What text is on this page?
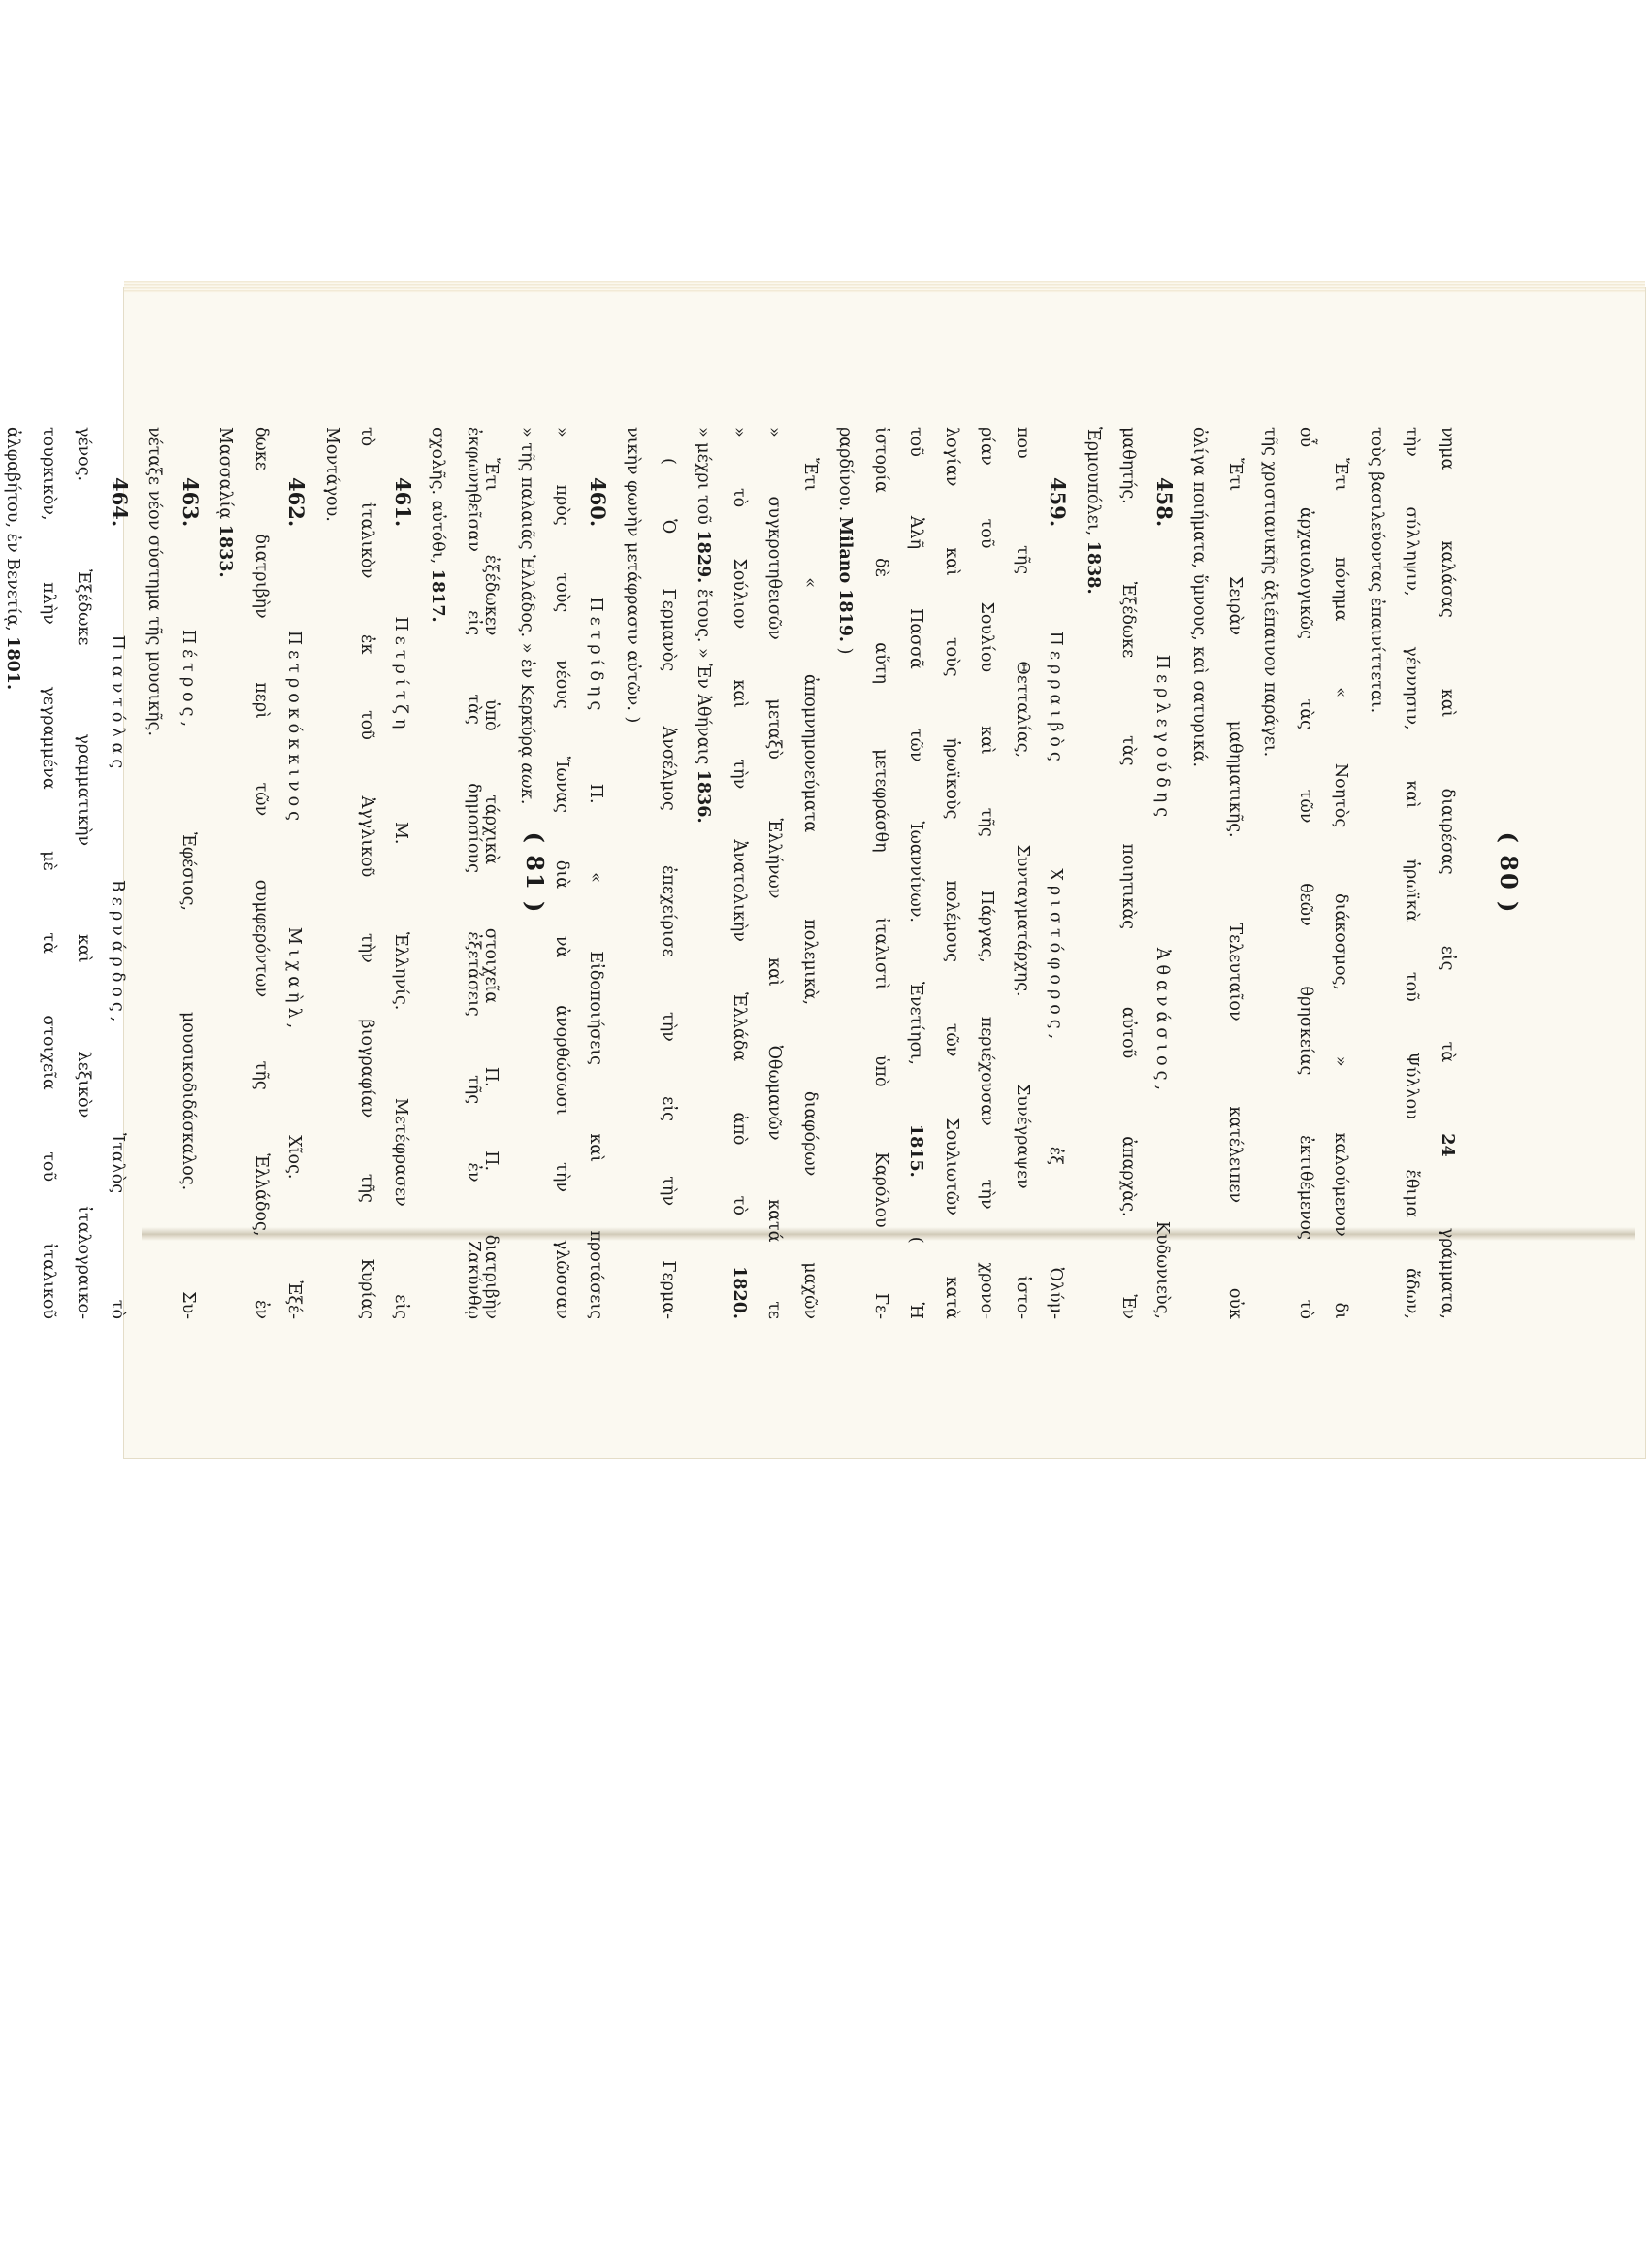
( 80 )
νημα καλάσας καὶ διαιρέσας εἰς τὰ 24 γράμματα,
τὴν σύλληψιν, γέννησιν, καὶ ἡρωϊκὰ τοῦ Ψύλλου ἔθιμα ἄδων,
τοὺς βασιλεύοντας ἐπαινίττεται.
Ἔτι πόνημα « Νοητὸς διάκοσμος, » καλούμενον δι
οὗ ἀρχαιολογικῶς τὰς τῶν θεῶν θρησκείας ἐκτιθέμενος τὸ
τῆς χριστιανικῆς ἀξιέπαινον παράγει.
Ἔτι Σειρὰν μαθηματικῆς. Τελευταῖον κατέλειπεν οὐκ
ὀλίγα ποιήματα, ὕμνους, καὶ σατυρικά.
458.Περλεγούδης Ἀθανάσιος, Κυδωνιεὺς,
μαθητής. Ἐξέδωκε τὰς ποιητικὰς αὐτοῦ ἀπαρχὰς. Ἐν
Ἑρμουπόλει, 1838.
459.Περραιβὸς Χριστόφορος, ἐξ Ὀλύμ-
που τῆς Θετταλίας, Συνταγματάρχης. Συνέγραψεν ἱστο-
ρίαν τοῦ Σουλίου καὶ τῆς Πάργας, περιέχουσαν τὴν χρονο-
λογίαν καὶ τοὺς ἡρωϊκοὺς πολέμους τῶν Σουλιωτῶν κατὰ
τοῦ Ἀλῆ Πασσᾶ τῶν Ἰωαννίνων. Ἐνετίησι, 1815. ( Ἡ
ἱστορία δὲ αὕτη μετεφράσθη ἰταλιστὶ ὑπὸ Καρόλου Γε-
ραρδίνου. Milano 1819. )
Ἔτι « ἀπομνημονεύματα πολεμικὰ, διαφόρων μαχῶν
» συγκροτηθεισῶν μεταξὺ Ἑλλήνων καὶ Ὀθωμανῶν κατά τε
» τὸ Σούλιον καὶ τὴν Ἀνατολικὴν Ἑλλάδα ἀπὸ τὸ 1820.
» μέχρι τοῦ 1829. ἔτους. » Ἐν Ἀθήναις 1836.
( Ὁ Γερμανὸς Ἀνσέλμος ἐπεχείρισε τὴν εἰς τὴν Γερμα-
νικὴν φωνὴν μετάφρασιν αὐτῶν. )
460.Πετρίδης Π. « Εἰδοποιήσεις καὶ προτάσεις
» πρὸς τοὺς νέους Ἴωνας διὰ νὰ ἀνορθώσωσι τὴν γλῶσσαν
» τῆς παλαιᾶς Ἑλλάδος. » ἐν Κερκύρᾳ αωκ.
Ἔτι ἐξέδωκεν ὑπὸ τάρχικὰ στοιχεῖα Π. Π. διατριβὴν ( 81 )
ἐκφωνηθεῖσαν εἰς τὰς δημοσίους ἐξετάσεις τῆς ἐν Ζακύνθῳ
σχολῆς. αὐτόθι, 1817.
461.Πετρίτζη Μ. Ἑλληνίς. Μετέφρασεν εἰς
τὸ ἰταλικὸν ἐκ τοῦ Ἀγγλικοῦ τὴν βιογραφίαν τῆς Κυρίας
Μοντάγου.
462.Πετροκόκκινος Μιχαὴλ, Χῖος. Ἐξέ-
δωκε διατριβὴν περὶ τῶν συμφερόντων τῆς Ἑλλάδος, ἐν
Μασσαλίᾳ 1833.
463.Πέτρος, Ἐφέσιος, μουσικοδιδάσκαλος. Συ-
νέταξε νέον σύστημα τῆς μουσικῆς.
464.Πιαντόλας Βερνάρδος, Ἰταλὸς τὸ
γένος. Ἐξέδωκε γραμματικὴν καὶ λεξικὸν ἰταλογραικο-
τουρκικὸν, πλὴν γεγραμμένα μὲ τὰ στοιχεῖα τοῦ ἰταλικοῦ
ἀλφαβήτου, ἐν Βενετίᾳ, 1801.
